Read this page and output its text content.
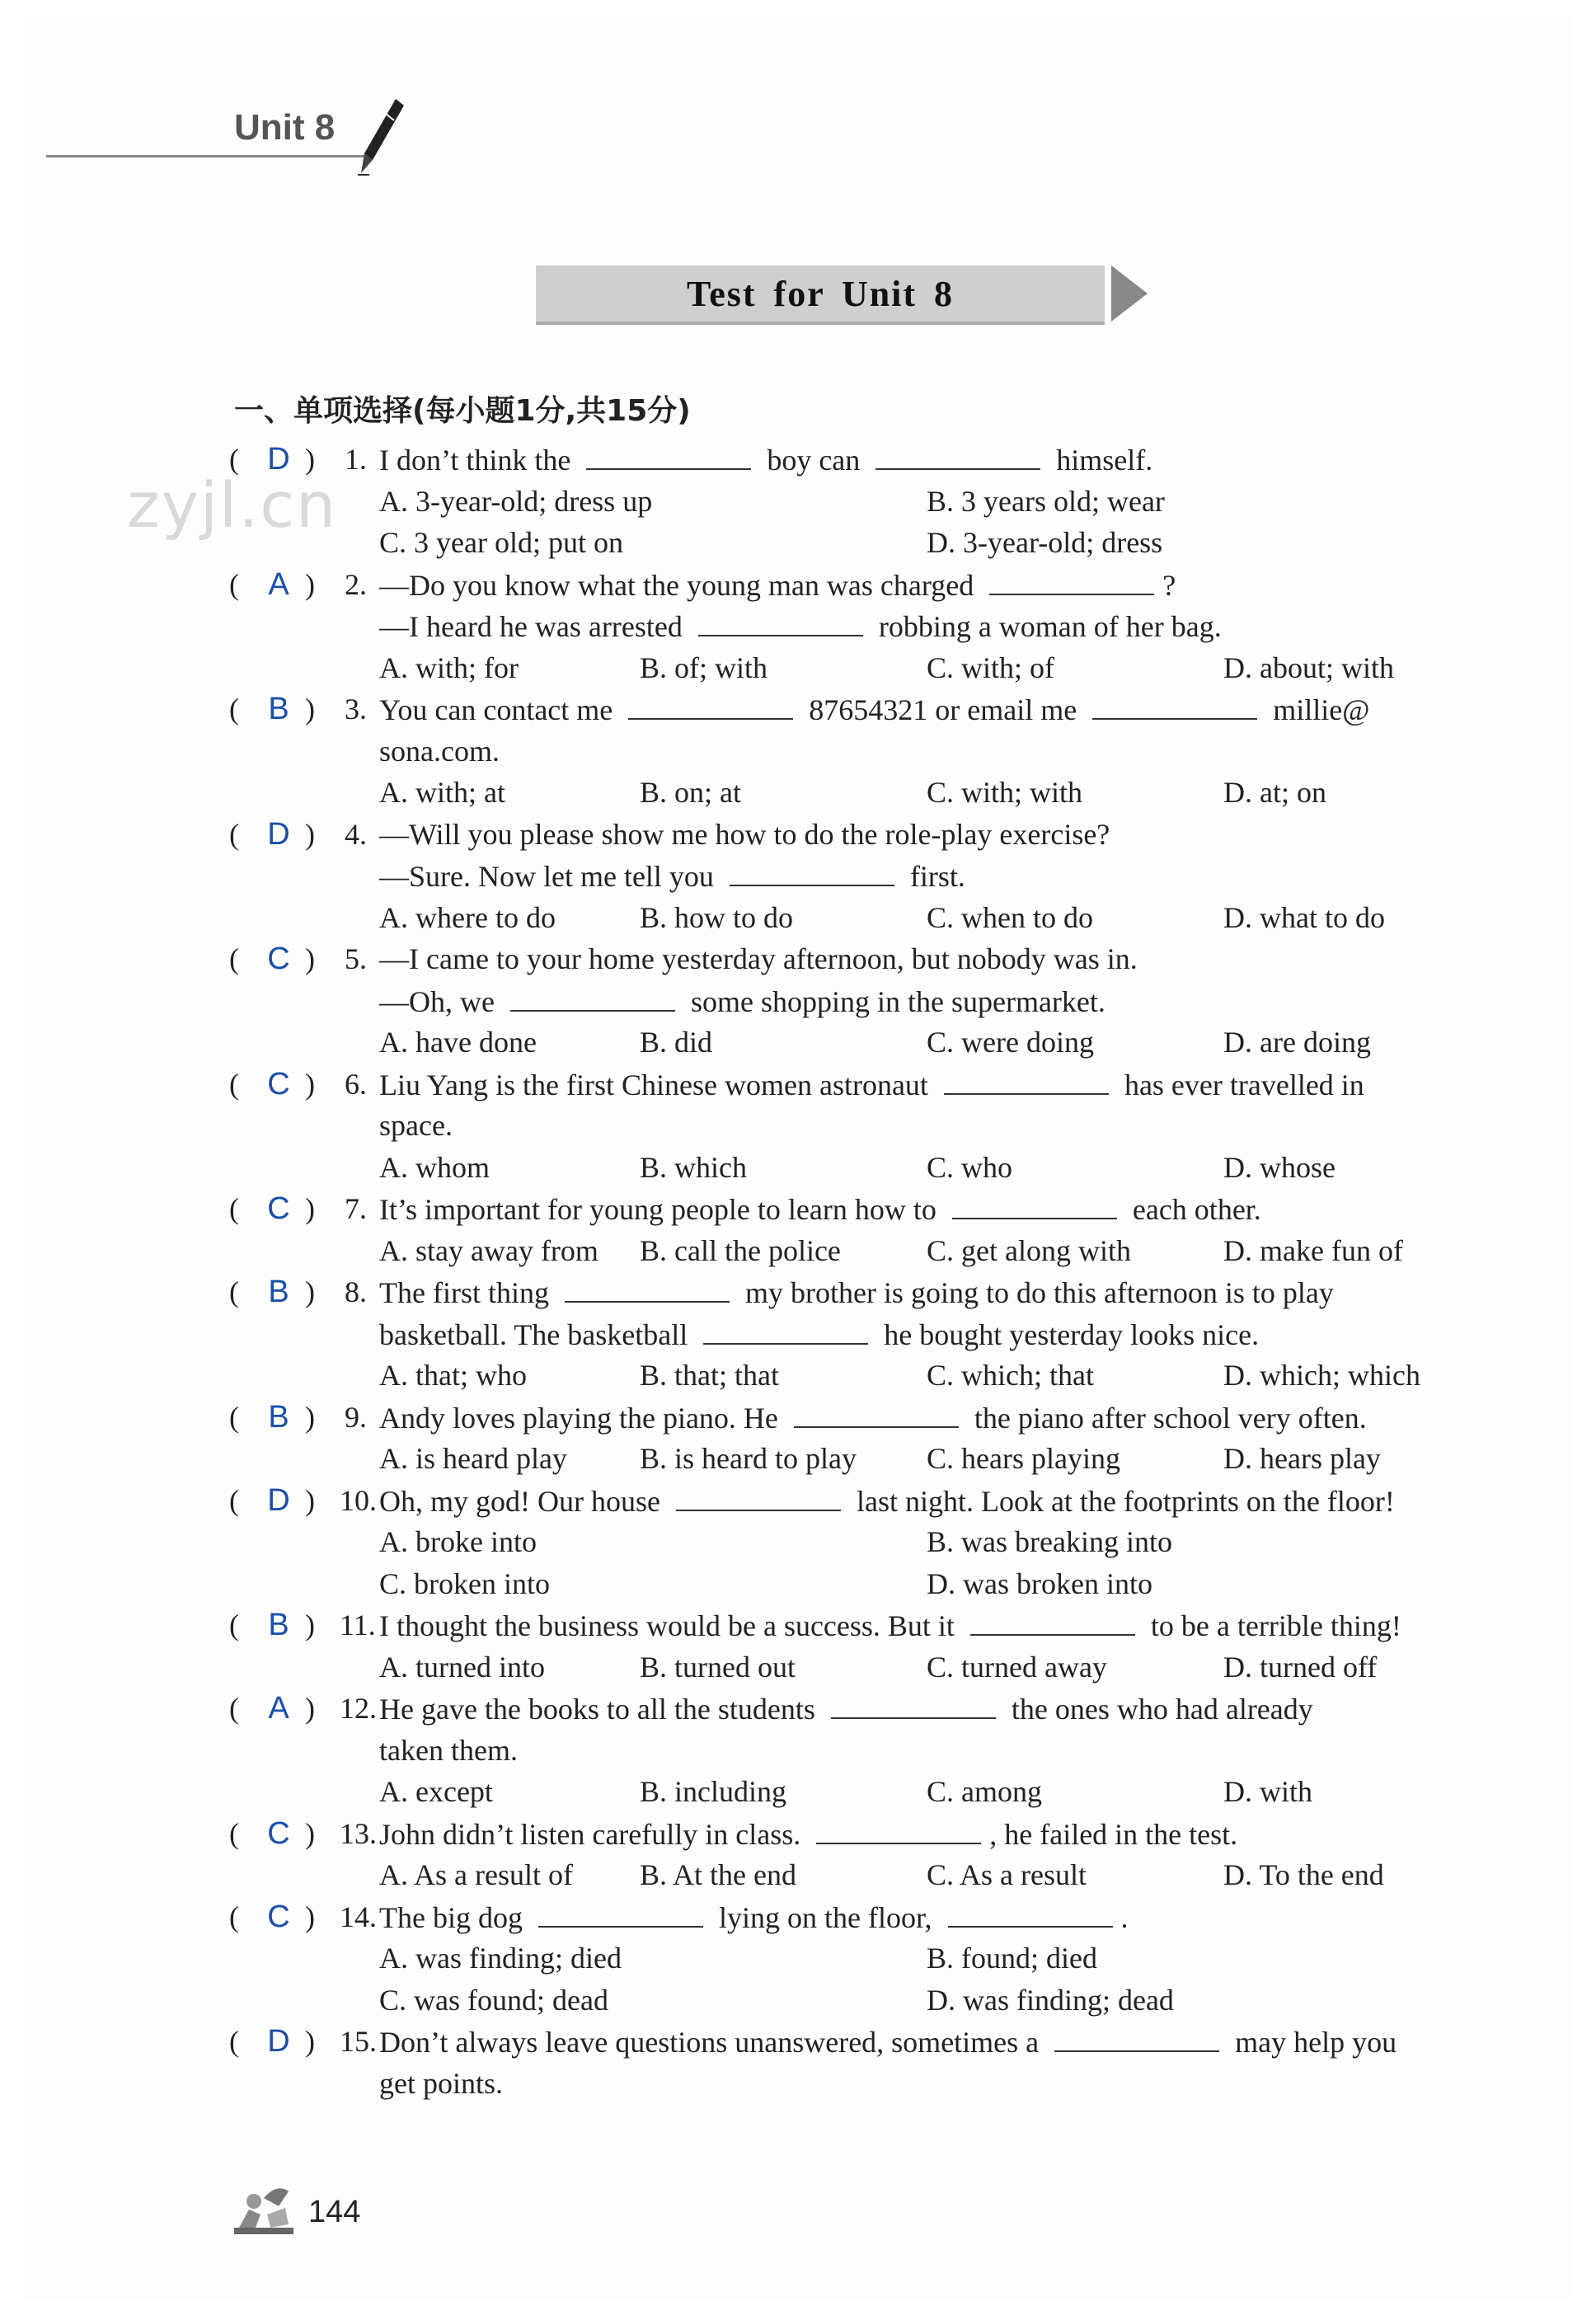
Unit 8
Test for Unit 8
一、单项选择(每小题1分,共15分)
zyjl.cn
( D ) 1. I don’t think the	boy can	himself.
A. 3-year-old; dress up	B. 3 years old; wear
C. 3 year old; put on	D. 3-year-old; dress
( A ) 2. —Do you know what the young man was charged	?
—I heard he was arrested	robbing a woman of her bag.
A. with; for	B. of; with	C. with; of	D. about; with
( B ) 3. You can contact me	87654321 or email me	millie@
sona.com.
A. with; at	B. on; at	C. with; with	D. at; on
( D ) 4. —Will you please show me how to do the role-play exercise?
—Sure. Now let me tell you	first.
A. where to do	B. how to do	C. when to do	D. what to do
( C ) 5. —I came to your home yesterday afternoon, but nobody was in.
—Oh, we	some shopping in the supermarket.
A. have done	B. did	C. were doing	D. are doing
( C ) 6. Liu Yang is the first Chinese women astronaut	has ever travelled in
space.
A. whom	B. which	C. who	D. whose
( C ) 7. It’s important for young people to learn how to	each other.
A. stay away from B. call the police	C. get along with	D. make fun of
( B ) 8. The first thing	my brother is going to do this afternoon is to play
basketball. The basketball	he bought yesterday looks nice.
A. that; who	B. that; that	C. which; that	D. which; which
( B ) 9. Andy loves playing the piano. He	the piano after school very often.
A. is heard play B. is heard to play C. hears playing	D. hears play
( D ) 10. Oh, my god! Our house	last night. Look at the footprints on the floor!
A. broke into	B. was breaking into
C. broken into	D. was broken into
( B ) 11. I thought the business would be a success. But it	to be a terrible thing!
A. turned into	B. turned out	C. turned away	D. turned off
( A ) 12. He gave the books to all the students	the ones who had already
taken them.
A. except	B. including	C. among	D. with
( C ) 13. John didn’t listen carefully in class.	, he failed in the test.
A. As a result of B. At the end	C. As a result	D. To the end
( C ) 14. The big dog	lying on the floor,	.
A. was finding; died	B. found; died
C. was found; dead	D. was finding; dead
( D ) 15. Don’t always leave questions unanswered, sometimes a	may help you
get points.
144
